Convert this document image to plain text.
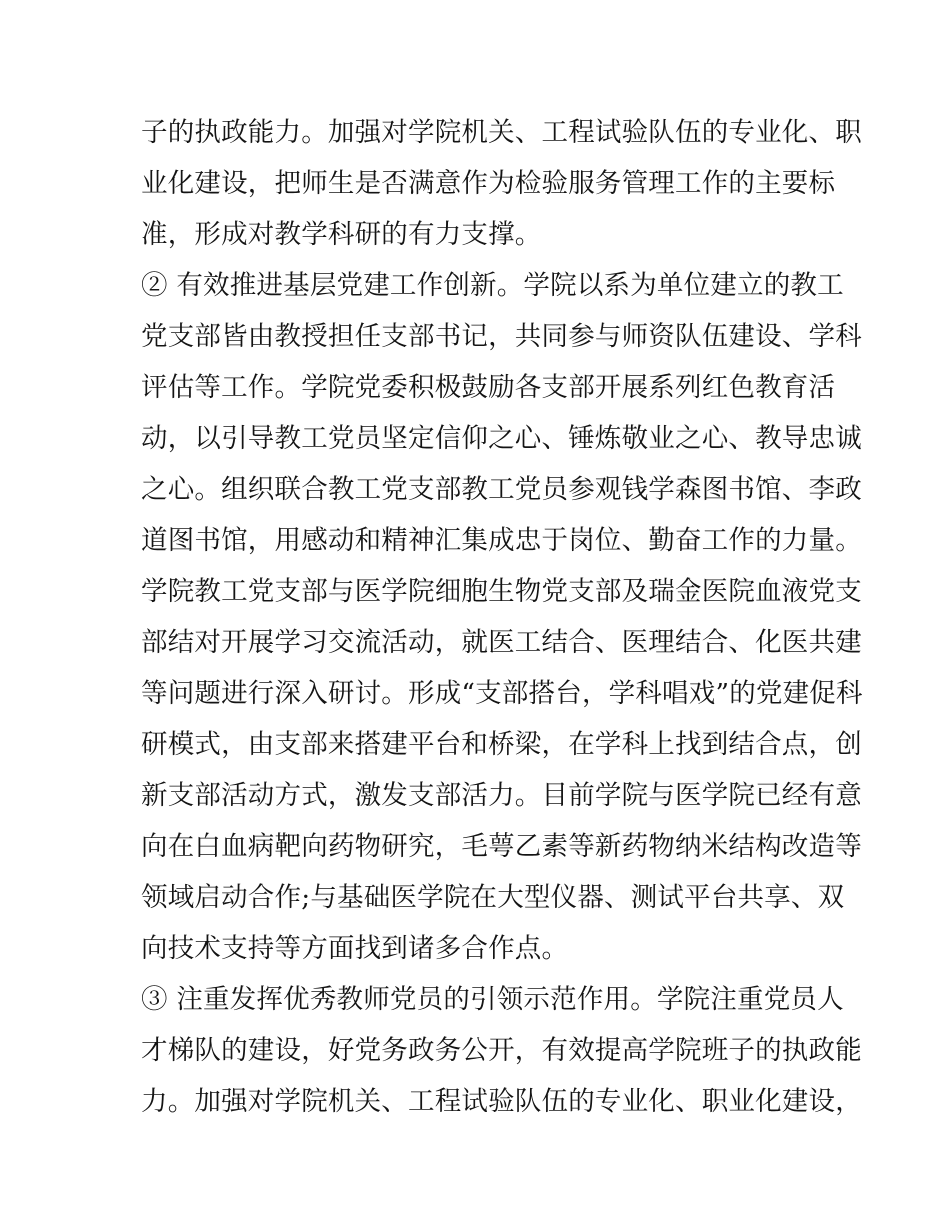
子的执政能力。加强对学院机关、工程试验队伍的专业化、职
业化建设，把师生是否满意作为检验服务管理工作的主要标
准，形成对教学科研的有力支撑。
② 有效推进基层党建工作创新。学院以系为单位建立的教工
党支部皆由教授担任支部书记，共同参与师资队伍建设、学科
评估等工作。学院党委积极鼓励各支部开展系列红色教育活
动，以引导教工党员坚定信仰之心、锤炼敬业之心、教导忠诚
之心。组织联合教工党支部教工党员参观钱学森图书馆、李政
道图书馆，用感动和精神汇集成忠于岗位、勤奋工作的力量。
学院教工党支部与医学院细胞生物党支部及瑞金医院血液党支
部结对开展学习交流活动，就医工结合、医理结合、化医共建
等问题进行深入研讨。形成“支部搭台，学科唱戏”的党建促科
研模式，由支部来搭建平台和桥梁，在学科上找到结合点，创
新支部活动方式，激发支部活力。目前学院与医学院已经有意
向在白血病靶向药物研究，毛萼乙素等新药物纳米结构改造等
领域启动合作;与基础医学院在大型仪器、测试平台共享、双
向技术支持等方面找到诸多合作点。
③ 注重发挥优秀教师党员的引领示范作用。学院注重党员人
才梯队的建设，好党务政务公开，有效提高学院班子的执政能
力。加强对学院机关、工程试验队伍的专业化、职业化建设，
